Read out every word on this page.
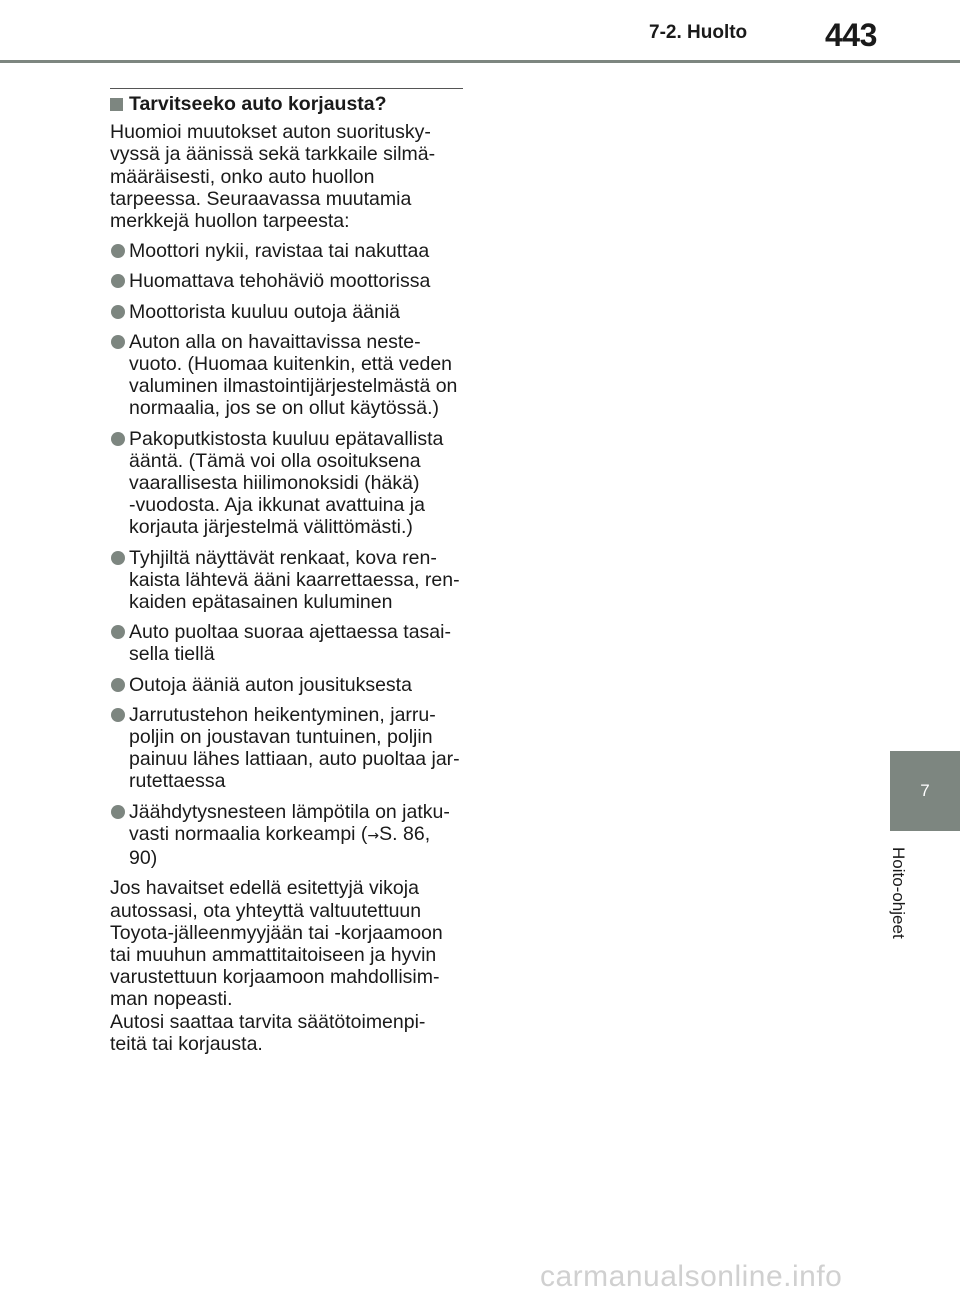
7-2. Huolto 443
Tarvitseeko auto korjausta?
Huomioi muutokset auton suoritusky-
vyssä ja äänissä sekä tarkkaile silmä-
määräisesti, onko auto huollon
tarpeessa. Seuraavassa muutamia
merkkejä huollon tarpeesta:
Moottori nykii, ravistaa tai nakuttaa
Huomattava tehohäviö moottorissa
Moottorista kuuluu outoja ääniä
Auton alla on havaittavissa neste-
vuoto. (Huomaa kuitenkin, että veden
valuminen ilmastointijärjestelmästä on
normaalia, jos se on ollut käytössä.)
Pakoputkistosta kuuluu epätavallista
ääntä. (Tämä voi olla osoituksena
vaarallisesta hiilimonoksidi (häkä)
-vuodosta. Aja ikkunat avattuina ja
korjauta järjestelmä välittömästi.)
Tyhjiltä näyttävät renkaat, kova ren-
kaista lähtevä ääni kaarrettaessa, ren-
kaiden epätasainen kuluminen
Auto puoltaa suoraa ajettaessa tasai-
sella tiellä
Outoja ääniä auton jousituksesta
Jarrutustehon heikentyminen, jarru-
poljin on joustavan tuntuinen, poljin
painuu lähes lattiaan, auto puoltaa jar-
rutettaessa
Jäähdytysnesteen lämpötila on jatku-
vasti normaalia korkeampi (→S. 86,
90)
Jos havaitset edellä esitettyjä vikoja
autossasi, ota yhteyttä valtuutettuun
Toyota-jälleenmyyjään tai -korjaamoon
tai muuhun ammattitaitoiseen ja hyvin
varustettuun korjaamoon mahdollisim-
man nopeasti.
Autosi saattaa tarvita säätötoimenpi-
teitä tai korjausta.
7
Hoito-ohjeet
carmanualsonline.info
